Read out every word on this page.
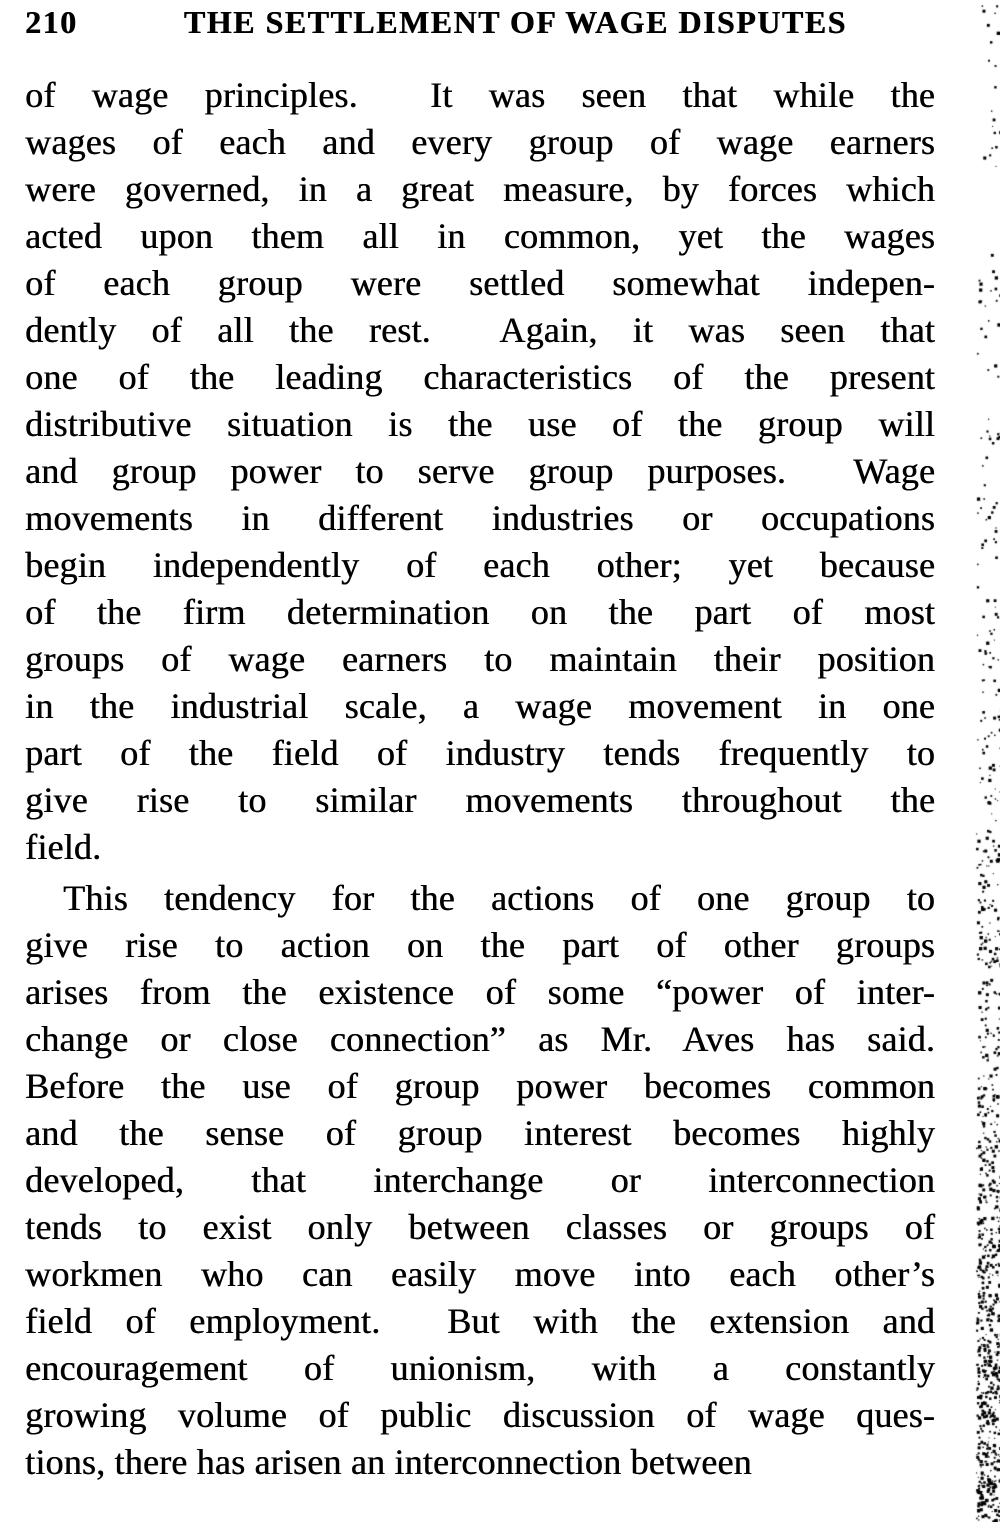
210	THE SETTLEMENT OF WAGE DISPUTES
of wage principles.  It was seen that while the
wages of each and every group of wage earners
were governed, in a great measure, by forces which
acted upon them all in common, yet the wages
of each group were settled somewhat indepen-
dently of all the rest.  Again, it was seen that
one of the leading characteristics of the present
distributive situation is the use of the group will
and group power to serve group purposes.  Wage
movements in different industries or occupations
begin independently of each other; yet because
of the firm determination on the part of most
groups of wage earners to maintain their position
in the industrial scale, a wage movement in one
part of the field of industry tends frequently to
give rise to similar movements throughout the
field.
This tendency for the actions of one group to
give rise to action on the part of other groups
arises from the existence of some “power of inter-
change or close connection” as Mr. Aves has said.
Before the use of group power becomes common
and the sense of group interest becomes highly
developed, that interchange or interconnection
tends to exist only between classes or groups of
workmen who can easily move into each other’s
field of employment.  But with the extension and
encouragement of unionism, with a constantly
growing volume of public discussion of wage ques-
tions, there has arisen an interconnection between
